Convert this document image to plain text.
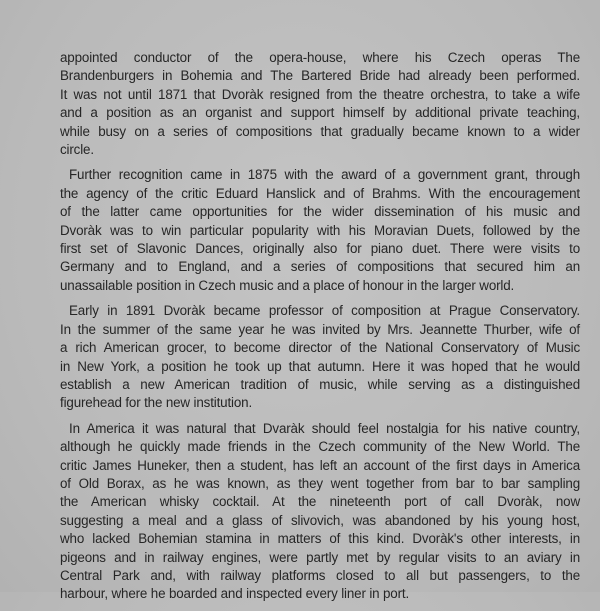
appointed conductor of the opera-house, where his Czech operas The
Brandenburgers in Bohemia and The Bartered Bride had already been performed.
It was not until 1871 that Dvoràk resigned from the theatre orchestra, to take a wife
and a position as an organist and support himself by additional private teaching,
while busy on a series of compositions that gradually became known to a wider
circle.

Further recognition came in 1875 with the award of a government grant, through
the agency of the critic Eduard Hanslick and of Brahms. With the encouragement
of the latter came opportunities for the wider dissemination of his music and
Dvoràk was to win particular popularity with his Moravian Duets, followed by the
first set of Slavonic Dances, originally also for piano duet. There were visits to
Germany and to England, and a series of compositions that secured him an
unassailable position in Czech music and a place of honour in the larger world.

Early in 1891 Dvoràk became professor of composition at Prague Conservatory.
In the summer of the same year he was invited by Mrs. Jeannette Thurber, wife of
a rich American grocer, to become director of the National Conservatory of Music
in New York, a position he took up that autumn. Here it was hoped that he would
establish a new American tradition of music, while serving as a distinguished
figurehead for the new institution.

In America it was natural that Dvaràk should feel nostalgia for his native country,
although he quickly made friends in the Czech community of the New World. The
critic James Huneker, then a student, has left an account of the first days in America
of Old Borax, as he was known, as they went together from bar to bar sampling
the American whisky cocktail. At the nineteenth port of call Dvoràk, now
suggesting a meal and a glass of slivovich, was abandoned by his young host,
who lacked Bohemian stamina in matters of this kind. Dvoràk's other interests, in
pigeons and in railway engines, were partly met by regular visits to an aviary in
Central Park and, with railway platforms closed to all but passengers, to the
harbour, where he boarded and inspected every liner in port.
